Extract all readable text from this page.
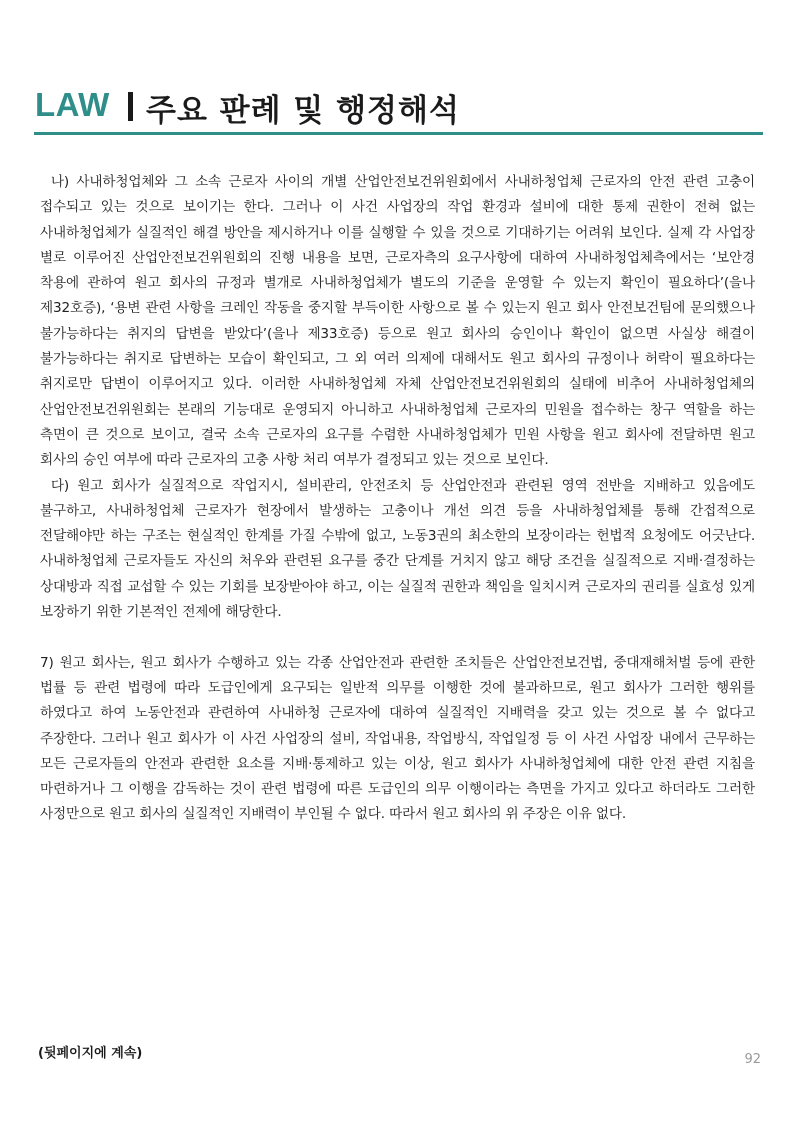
LAW 주요 판례 및 행정해석

나) 사내하청업체와 그 소속 근로자 사이의 개별 산업안전보건위원회에서 사내하청업체 근로자의 안전 관련 고충이 접수되고 있는 것으로 보이기는 한다. 그러나 이 사건 사업장의 작업 환경과 설비에 대한 통제 권한이 전혀 없는 사내하청업체가 실질적인 해결 방안을 제시하거나 이를 실행할 수 있을 것으로 기대하기는 어려워 보인다. 실제 각 사업장 별로 이루어진 산업안전보건위원회의 진행 내용을 보면, 근로자측의 요구사항에 대하여 사내하청업체측에서는 ‘보안경 착용에 관하여 원고 회사의 규정과 별개로 사내하청업체가 별도의 기준을 운영할 수 있는지 확인이 필요하다’(을나 제32호증), ‘용변 관련 사항을 크레인 작동을 중지할 부득이한 사항으로 볼 수 있는지 원고 회사 안전보건팀에 문의했으나 불가능하다는 취지의 답변을 받았다’(을나 제33호증) 등으로 원고 회사의 승인이나 확인이 없으면 사실상 해결이 불가능하다는 취지로 답변하는 모습이 확인되고, 그 외 여러 의제에 대해서도 원고 회사의 규정이나 허락이 필요하다는 취지로만 답변이 이루어지고 있다. 이러한 사내하청업체 자체 산업안전보건위원회의 실태에 비추어 사내하청업체의 산업안전보건위원회는 본래의 기능대로 운영되지 아니하고 사내하청업체 근로자의 민원을 접수하는 창구 역할을 하는 측면이 큰 것으로 보이고, 결국 소속 근로자의 요구를 수렴한 사내하청업체가 민원 사항을 원고 회사에 전달하면 원고 회사의 승인 여부에 따라 근로자의 고충 사항 처리 여부가 결정되고 있는 것으로 보인다.

다) 원고 회사가 실질적으로 작업지시, 설비관리, 안전조치 등 산업안전과 관련된 영역 전반을 지배하고 있음에도 불구하고, 사내하청업체 근로자가 현장에서 발생하는 고충이나 개선 의견 등을 사내하청업체를 통해 간접적으로 전달해야만 하는 구조는 현실적인 한계를 가질 수밖에 없고, 노동3권의 최소한의 보장이라는 헌법적 요청에도 어긋난다. 사내하청업체 근로자들도 자신의 처우와 관련된 요구를 중간 단계를 거치지 않고 해당 조건을 실질적으로 지배·결정하는 상대방과 직접 교섭할 수 있는 기회를 보장받아야 하고, 이는 실질적 권한과 책임을 일치시켜 근로자의 권리를 실효성 있게 보장하기 위한 기본적인 전제에 해당한다.

7) 원고 회사는, 원고 회사가 수행하고 있는 각종 산업안전과 관련한 조치들은 산업안전보건법, 중대재해처벌 등에 관한 법률 등 관련 법령에 따라 도급인에게 요구되는 일반적 의무를 이행한 것에 불과하므로, 원고 회사가 그러한 행위를 하였다고 하여 노동안전과 관련하여 사내하청 근로자에 대하여 실질적인 지배력을 갖고 있는 것으로 볼 수 없다고 주장한다. 그러나 원고 회사가 이 사건 사업장의 설비, 작업내용, 작업방식, 작업일정 등 이 사건 사업장 내에서 근무하는 모든 근로자들의 안전과 관련한 요소를 지배·통제하고 있는 이상, 원고 회사가 사내하청업체에 대한 안전 관련 지침을 마련하거나 그 이행을 감독하는 것이 관련 법령에 따른 도급인의 의무 이행이라는 측면을 가지고 있다고 하더라도 그러한 사정만으로 원고 회사의 실질적인 지배력이 부인될 수 없다. 따라서 원고 회사의 위 주장은 이유 없다.

(뒷페이지에 계속)	92
